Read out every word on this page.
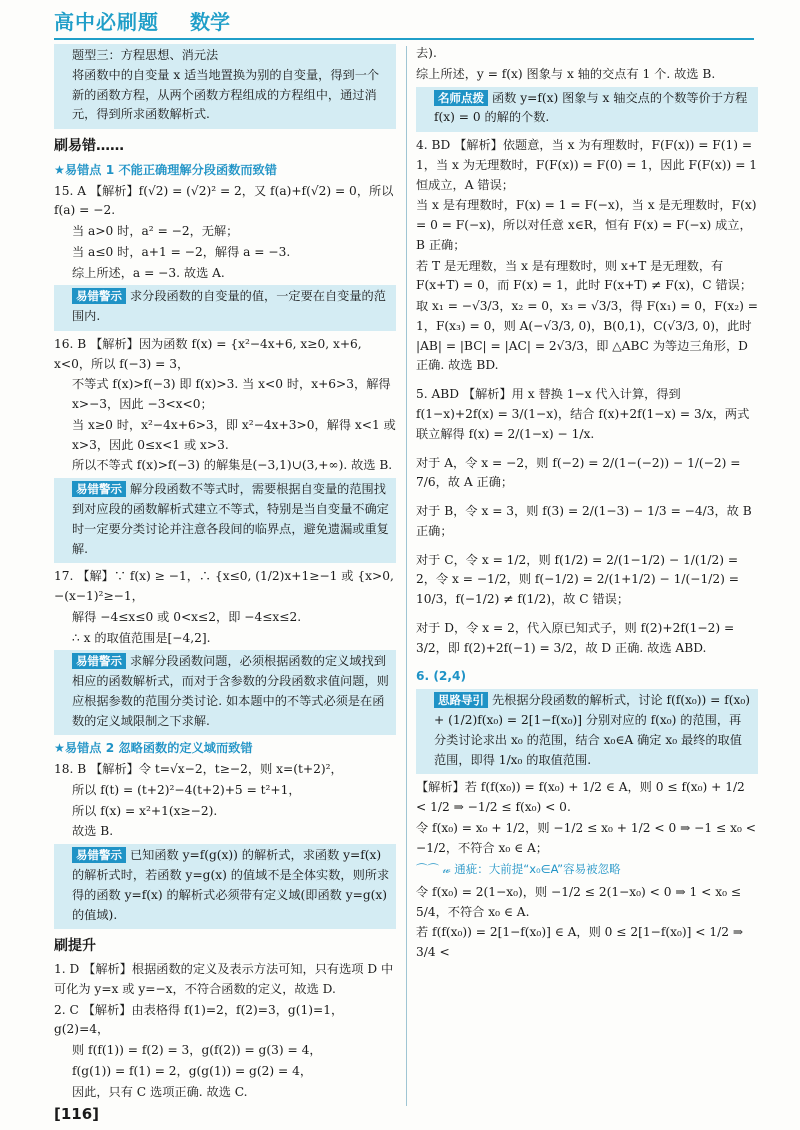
高中必刷题 数学

题型三：方程思想、消元法

将函数中的自变量 x 适当地置换为别的自变量，得到一个新的函数方程，从两个函数方程组成的方程组中，通过消元，得到所求函数解析式.

刷易错……
★易错点 1 不能正确理解分段函数而致错

15. A 【解析】f(√2) = (√2)² = 2，又 f(a)+f(√2) = 0，所以 f(a) = −2.

当 a>0 时，a² = −2，无解；

当 a≤0 时，a+1 = −2，解得 a = −3.

综上所述，a = −3. 故选 A.

易错警示 求分段函数的自变量的值，一定要在自变量的范围内.

16. B 【解析】因为函数 f(x) = {x²−4x+6, x≥0, x+6, x<0，所以 f(−3) = 3，

不等式 f(x)>f(−3) 即 f(x)>3. 当 x<0 时，x+6>3，解得 x>−3，因此 −3<x<0；

当 x≥0 时，x²−4x+6>3，即 x²−4x+3>0，解得 x<1 或 x>3，因此 0≤x<1 或 x>3.

所以不等式 f(x)>f(−3) 的解集是(−3,1)∪(3,+∞). 故选 B.

易错警示 解分段函数不等式时，需要根据自变量的范围找到对应段的函数解析式建立不等式，特别是当自变量不确定时一定要分类讨论并注意各段间的临界点，避免遗漏或重复解.

17. 【解】∵ f(x) ≥ −1，∴ {x≤0, (1/2)x+1≥−1 或 {x>0, −(x−1)²≥−1，

解得 −4≤x≤0 或 0<x≤2，即 −4≤x≤2.

∴ x 的取值范围是[−4,2].

易错警示 求解分段函数问题，必须根据函数的定义域找到相应的函数解析式，而对于含参数的分段函数求值问题，则应根据参数的范围分类讨论. 如本题中的不等式必须是在函数的定义域限制之下求解.
★易错点 2 忽略函数的定义域而致错

18. B 【解析】令 t=√x−2，t≥−2，则 x=(t+2)²，

所以 f(t) = (t+2)²−4(t+2)+5 = t²+1，

所以 f(x) = x²+1(x≥−2).

故选 B.

易错警示 已知函数 y=f(g(x)) 的解析式，求函数 y=f(x) 的解析式时，若函数 y=g(x) 的值域不是全体实数，则所求得的函数 y=f(x) 的解析式必须带有定义域(即函数 y=g(x) 的值域).
刷提升

1. D 【解析】根据函数的定义及表示方法可知，只有选项 D 中可化为 y=x 或 y=−x，不符合函数的定义，故选 D.

2. C 【解析】由表格得 f(1)=2，f(2)=3，g(1)=1，g(2)=4，

则 f(f(1)) = f(2) = 3，g(f(2)) = g(3) = 4，

f(g(1)) = f(1) = 2，g(g(1)) = g(2) = 4，

因此，只有 C 选项正确. 故选 C.

去).

综上所述，y = f(x) 图象与 x 轴的交点有 1 个. 故选 B.

名师点拨 函数 y=f(x) 图象与 x 轴交点的个数等价于方程 f(x) = 0 的解的个数.

4. BD 【解析】依题意，当 x 为有理数时，F(F(x)) = F(1) = 1，当 x 为无理数时，F(F(x)) = F(0) = 1，因此 F(F(x)) = 1 恒成立，A 错误；

当 x 是有理数时，F(x) = 1 = F(−x)，当 x 是无理数时，F(x) = 0 = F(−x)，所以对任意 x∈R，恒有 F(x) = F(−x) 成立，B 正确；

若 T 是无理数，当 x 是有理数时，则 x+T 是无理数，有 F(x+T) = 0，而 F(x) = 1，此时 F(x+T) ≠ F(x)，C 错误；

取 x₁ = −√3/3，x₂ = 0，x₃ = √3/3，得 F(x₁) = 0，F(x₂) = 1，F(x₃) = 0，则 A(−√3/3, 0)，B(0,1)，C(√3/3, 0)，此时 |AB| = |BC| = |AC| = 2√3/3，即 △ABC 为等边三角形，D 正确. 故选 BD.

5. ABD 【解析】用 x 替换 1−x 代入计算，得到 f(1−x)+2f(x) = 3/(1−x)，结合 f(x)+2f(1−x) = 3/x，两式联立解得 f(x) = 2/(1−x) − 1/x.

对于 A，令 x = −2，则 f(−2) = 2/(1−(−2)) − 1/(−2) = 7/6，故 A 正确；

对于 B，令 x = 3，则 f(3) = 2/(1−3) − 1/3 = −4/3，故 B 正确；

对于 C，令 x = 1/2，则 f(1/2) = 2/(1−1/2) − 1/(1/2) = 2，令 x = −1/2，则 f(−1/2) = 2/(1+1/2) − 1/(−1/2) = 10/3，f(−1/2) ≠ f(1/2)，故 C 错误；

对于 D，令 x = 2，代入原已知式子，则 f(2)+2f(1−2) = 3/2，即 f(2)+2f(−1) = 3/2，故 D 正确. 故选 ABD.

6. (2,4)

思路导引 先根据分段函数的解析式，讨论 f(f(x₀)) = f(x₀) + (1/2)f(x₀) = 2[1−f(x₀)] 分别对应的 f(x₀) 的范围，再分类讨论求出 x₀ 的范围，结合 x₀∈A 确定 x₀ 最终的取值范围，即得 1/x₀ 的取值范围.

【解析】若 f(f(x₀)) = f(x₀) + 1/2 ∈ A，则 0 ≤ f(x₀) + 1/2 < 1/2 ⇒ −1/2 ≤ f(x₀) < 0.

令 f(x₀) = x₀ + 1/2，则 −1/2 ≤ x₀ + 1/2 < 0 ⇒ −1 ≤ x₀ < −1/2，不符合 x₀ ∈ A；

⌒⌒ 𝓌 通疵：大前提“x₀∈A”容易被忽略

令 f(x₀) = 2(1−x₀)，则 −1/2 ≤ 2(1−x₀) < 0 ⇒ 1 < x₀ ≤ 5/4，不符合 x₀ ∈ A.

若 f(f(x₀)) = 2[1−f(x₀)] ∈ A，则 0 ≤ 2[1−f(x₀)] < 1/2 ⇒ 3/4 <

[116]
